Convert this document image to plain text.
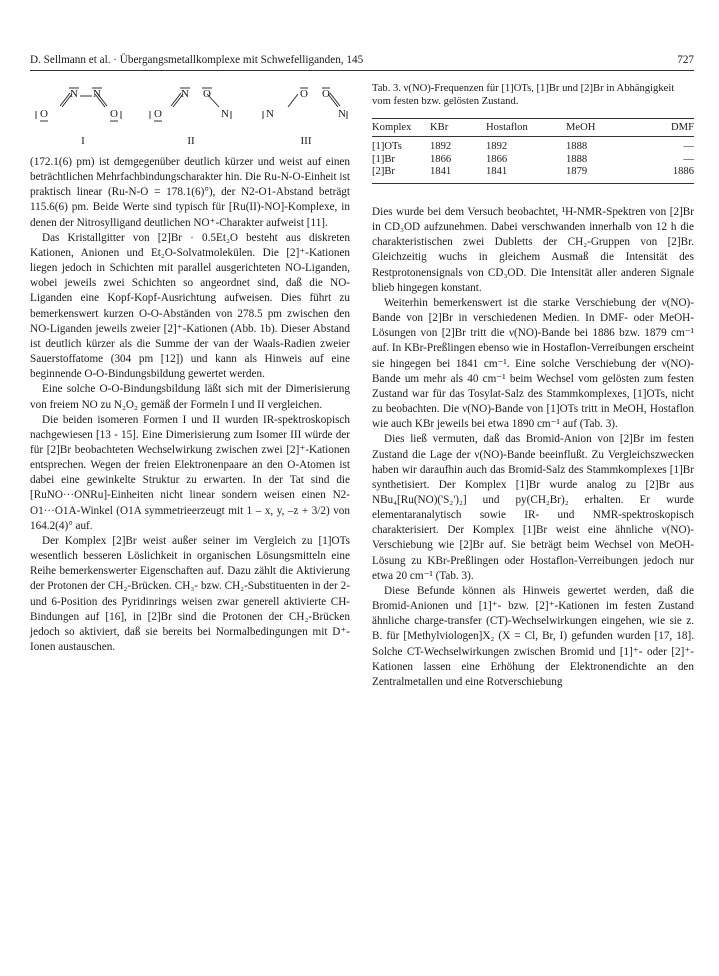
D. Sellmann et al. · Übergangsmetallkomplexe mit Schwefelliganden, 145	727
N N
O	O
N O
O	N	N
O O
N
I	II	III

(172.1(6) pm) ist demgegenüber deutlich kürzer und weist auf einen beträchtlichen Mehrfachbindungscharakter hin. Die Ru-N-O-Einheit ist praktisch linear (Ru-N-O = 178.1(6)°), der N2-O1-Abstand beträgt 115.6(6) pm. Beide Werte sind typisch für [Ru(II)-NO]-Komplexe, in denen der Nitrosylligand deutlichen NO⁺-Charakter aufweist [11].

Das Kristallgitter von [2]Br · 0.5Et₂O besteht aus diskreten Kationen, Anionen und Et₂O-Solvatmolekülen. Die [2]⁺-Kationen liegen jedoch in Schichten mit parallel ausgerichteten NO-Liganden, wobei jeweils zwei Schichten so angeordnet sind, daß die NO-Liganden eine Kopf-Kopf-Ausrichtung aufweisen. Dies führt zu bemerkenswert kurzen O-O-Abständen von 278.5 pm zwischen den NO-Liganden jeweils zweier [2]⁺-Kationen (Abb. 1b). Dieser Abstand ist deutlich kürzer als die Summe der van der Waals-Radien zweier Sauerstoffatome (304 pm [12]) und kann als Hinweis auf eine beginnende O-O-Bindungsbildung gewertet werden.

Eine solche O-O-Bindungsbildung läßt sich mit der Dimerisierung von freiem NO zu N₂O₂ gemäß der Formeln I und II vergleichen.

Die beiden isomeren Formen I und II wurden IR-spektroskopisch nachgewiesen [13 - 15]. Eine Dimerisierung zum Isomer III würde der für [2]Br beobachteten Wechselwirkung zwischen zwei [2]⁺-Kationen entsprechen. Wegen der freien Elektronenpaare an den O-Atomen ist dabei eine gewinkelte Struktur zu erwarten. In der Tat sind die [RuNO···ONRu]-Einheiten nicht linear sondern weisen einen N2-O1···O1A-Winkel (O1A symmetrieerzeugt mit 1 – x, y, –z + 3/2) von 164.2(4)° auf.

Der Komplex [2]Br weist außer seiner im Vergleich zu [1]OTs wesentlich besseren Löslichkeit in organischen Lösungsmitteln eine Reihe bemerkenswerter Eigenschaften auf. Dazu zählt die Aktivierung der Protonen der CH₂-Brücken. CH₃- bzw. CH₂-Substituenten in der 2- und 6-Position des Pyridinrings weisen zwar generell aktivierte CH-Bindungen auf [16], in [2]Br sind die Protonen der CH₂-Brücken jedoch so aktiviert, daß sie bereits bei Normalbedingungen mit D⁺-Ionen austauschen.

Tab. 3. ν(NO)-Frequenzen für [1]OTs, [1]Br und [2]Br in Abhängigkeit vom festen bzw. gelösten Zustand.
Komplex	KBr	Hostaflon	MeOH	DMF
[1]OTs	1892	1892	1888	—
[1]Br	1866	1866	1888	—
[2]Br	1841	1841	1879	1886

Dies wurde bei dem Versuch beobachtet, ¹H-NMR-Spektren von [2]Br in CD₃OD aufzunehmen. Dabei verschwanden innerhalb von 12 h die charakteristischen zwei Dubletts der CH₂-Gruppen von [2]Br. Gleichzeitig wuchs in gleichem Ausmaß die Intensität des Restprotonensignals von CD₃OD. Die Intensität aller anderen Signale blieb hingegen konstant.

Weiterhin bemerkenswert ist die starke Verschiebung der ν(NO)-Bande von [2]Br in verschiedenen Medien. In DMF- oder MeOH-Lösungen von [2]Br tritt die ν(NO)-Bande bei 1886 bzw. 1879 cm⁻¹ auf. In KBr-Preßlingen ebenso wie in Hostaflon-Verreibungen erscheint sie hingegen bei 1841 cm⁻¹. Eine solche Verschiebung der ν(NO)-Bande um mehr als 40 cm⁻¹ beim Wechsel vom gelösten zum festen Zustand war für das Tosylat-Salz des Stammkomplexes, [1]OTs, nicht zu beobachten. Die ν(NO)-Bande von [1]OTs tritt in MeOH, Hostaflon wie auch KBr jeweils bei etwa 1890 cm⁻¹ auf (Tab. 3).

Dies ließ vermuten, daß das Bromid-Anion von [2]Br im festen Zustand die Lage der ν(NO)-Bande beeinflußt. Zu Vergleichszwecken haben wir daraufhin auch das Bromid-Salz des Stammkomplexes [1]Br synthetisiert. Der Komplex [1]Br wurde analog zu [2]Br aus NBu₄[Ru(NO)('S₂')₂] und py(CH₂Br)₂ erhalten. Er wurde elementaranalytisch sowie IR- und NMR-spektroskopisch charakterisiert. Der Komplex [1]Br weist eine ähnliche ν(NO)-Verschiebung wie [2]Br auf. Sie beträgt beim Wechsel von MeOH-Lösung zu KBr-Preßlingen oder Hostaflon-Verreibungen jedoch nur etwa 20 cm⁻¹ (Tab. 3).

Diese Befunde können als Hinweis gewertet werden, daß die Bromid-Anionen und [1]⁺- bzw. [2]⁺-Kationen im festen Zustand ähnliche charge-transfer (CT)-Wechselwirkungen eingehen, wie sie z. B. für [Methylviologen]X₂ (X = Cl, Br, I) gefunden wurden [17, 18]. Solche CT-Wechselwirkungen zwischen Bromid und [1]⁺- oder [2]⁺-Kationen lassen eine Erhöhung der Elektronendichte an den Zentralmetallen und eine Rotverschiebung
